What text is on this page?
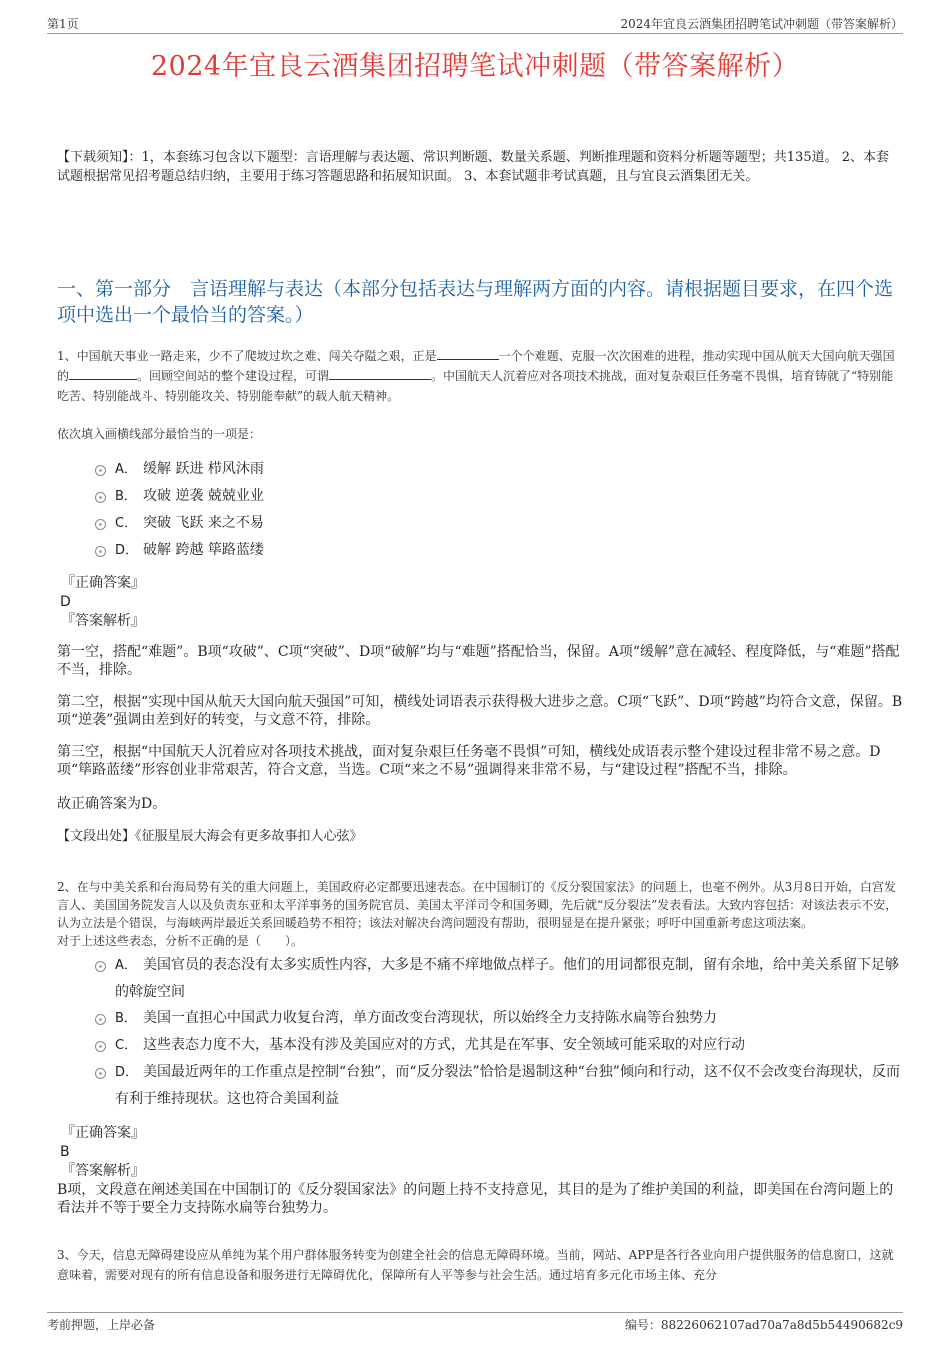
第1页	2024年宜良云酒集团招聘笔试冲刺题（带答案解析）
2024年宜良云酒集团招聘笔试冲刺题（带答案解析）
【下载须知】：1，本套练习包含以下题型：言语理解与表达题、常识判断题、数量关系题、判断推理题和资料分析题等题型；共135道。 2、本套试题根据常见招考题总结归纳，主要用于练习答题思路和拓展知识面。 3、本套试题非考试真题，且与宜良云酒集团无关。
一、第一部分　言语理解与表达（本部分包括表达与理解两方面的内容。请根据题目要求，在四个选项中选出一个最恰当的答案。）
1、中国航天事业一路走来，少不了爬坡过坎之难、闯关夺隘之艰，正是	一个个难题、克服一次次困难的进程，推动实现中国从航天大国向航天强国的	。回顾空间站的整个建设过程，可谓	。中国航天人沉着应对各项技术挑战，面对复杂艰巨任务毫不畏惧，培育铸就了“特别能吃苦、特别能战斗、特别能攻关、特别能奉献”的载人航天精神。
依次填入画横线部分最恰当的一项是：
A． 缓解 跃进 栉风沐雨
B． 攻破 逆袭 兢兢业业
C． 突破 飞跃 来之不易
D． 破解 跨越 筚路蓝缕
『正确答案』
D
『答案解析』
第一空，搭配“难题”。B项“攻破”、C项“突破”、D项“破解”均与“难题”搭配恰当，保留。A项“缓解”意在减轻、程度降低，与“难题”搭配不当，排除。
第二空，根据“实现中国从航天大国向航天强国”可知，横线处词语表示获得极大进步之意。C项“飞跃”、D项“跨越”均符合文意，保留。B项“逆袭”强调由差到好的转变，与文意不符，排除。
第三空，根据“中国航天人沉着应对各项技术挑战，面对复杂艰巨任务毫不畏惧”可知，横线处成语表示整个建设过程非常不易之意。D项“筚路蓝缕”形容创业非常艰苦，符合文意，当选。C项“来之不易”强调得来非常不易，与“建设过程”搭配不当，排除。
故正确答案为D。
【文段出处】《征服星辰大海会有更多故事扣人心弦》
2、在与中美关系和台海局势有关的重大问题上，美国政府必定都要迅速表态。在中国制订的《反分裂国家法》的问题上，也毫不例外。从3月8日开始，白宫发言人、美国国务院发言人以及负责东亚和太平洋事务的国务院官员、美国太平洋司令和国务卿，先后就“反分裂法”发表看法。大致内容包括：对该法表示不安，认为立法是个错误，与海峡两岸最近关系回暖趋势不相符；该法对解决台湾问题没有帮助，很明显是在提升紧张；呼吁中国重新考虑这项法案。
对于上述这些表态，分析不正确的是（　　）。
A． 美国官员的表态没有太多实质性内容，大多是不痛不痒地做点样子。他们的用词都很克制，留有余地，给中美关系留下足够的斡旋空间
B． 美国一直担心中国武力收复台湾，单方面改变台湾现状，所以始终全力支持陈水扁等台独势力
C． 这些表态力度不大，基本没有涉及美国应对的方式，尤其是在军事、安全领域可能采取的对应行动
D． 美国最近两年的工作重点是控制“台独”，而“反分裂法”恰恰是遏制这种“台独”倾向和行动，这不仅不会改变台海现状，反而有利于维持现状。这也符合美国利益
『正确答案』
B
『答案解析』
B项，文段意在阐述美国在中国制订的《反分裂国家法》的问题上持不支持意见，其目的是为了维护美国的利益，即美国在台湾问题上的看法并不等于要全力支持陈水扁等台独势力。
3、今天，信息无障碍建设应从单纯为某个用户群体服务转变为创建全社会的信息无障碍环境。当前，网站、APP是各行各业向用户提供服务的信息窗口，这就意味着，需要对现有的所有信息设备和服务进行无障碍优化，保障所有人平等参与社会生活。通过培育多元化市场主体、充分
考前押题，上岸必备	编号：88226062107ad70a7a8d5b54490682c9
